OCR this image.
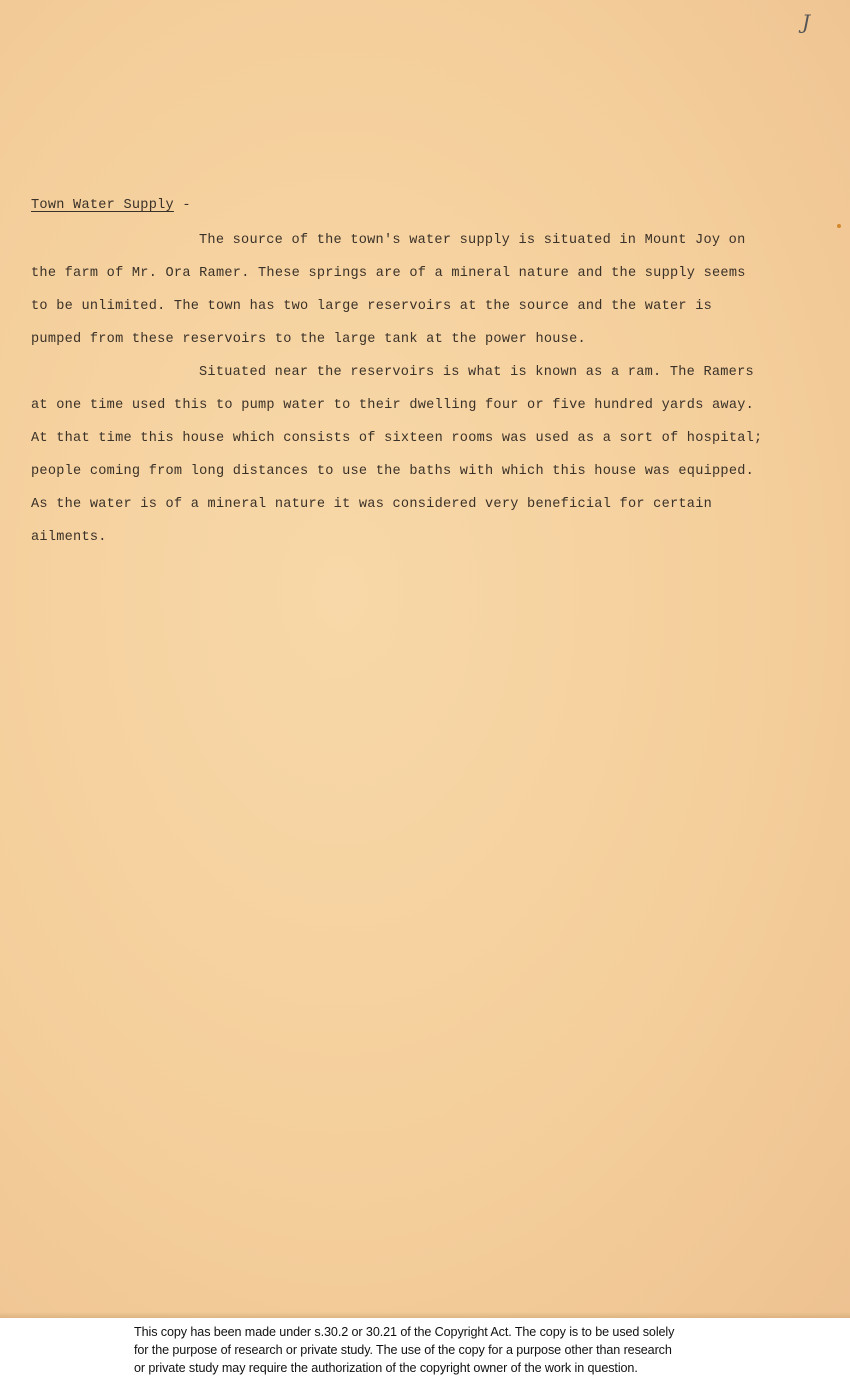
J
Town Water Supply -
The source of the town's water supply is situated in Mount Joy on
the farm of Mr. Ora Ramer. These springs are of a mineral nature and the supply seems
to be unlimited. The town has two large reservoirs at the source and the water is
pumped from these reservoirs to the large tank at the power house.
Situated near the reservoirs is what is known as a ram. The Ramers
at one time used this to pump water to their dwelling four or five hundred yards away.
At that time this house which consists of sixteen rooms was used as a sort of hospital;
people coming from long distances to use the baths with which this house was equipped.
As the water is of a mineral nature it was considered very beneficial for certain
ailments.
This copy has been made under s.30.2 or 30.21 of the Copyright Act. The copy is to be used solely
for the purpose of research or private study. The use of the copy for a purpose other than research
or private study may require the authorization of the copyright owner of the work in question.
